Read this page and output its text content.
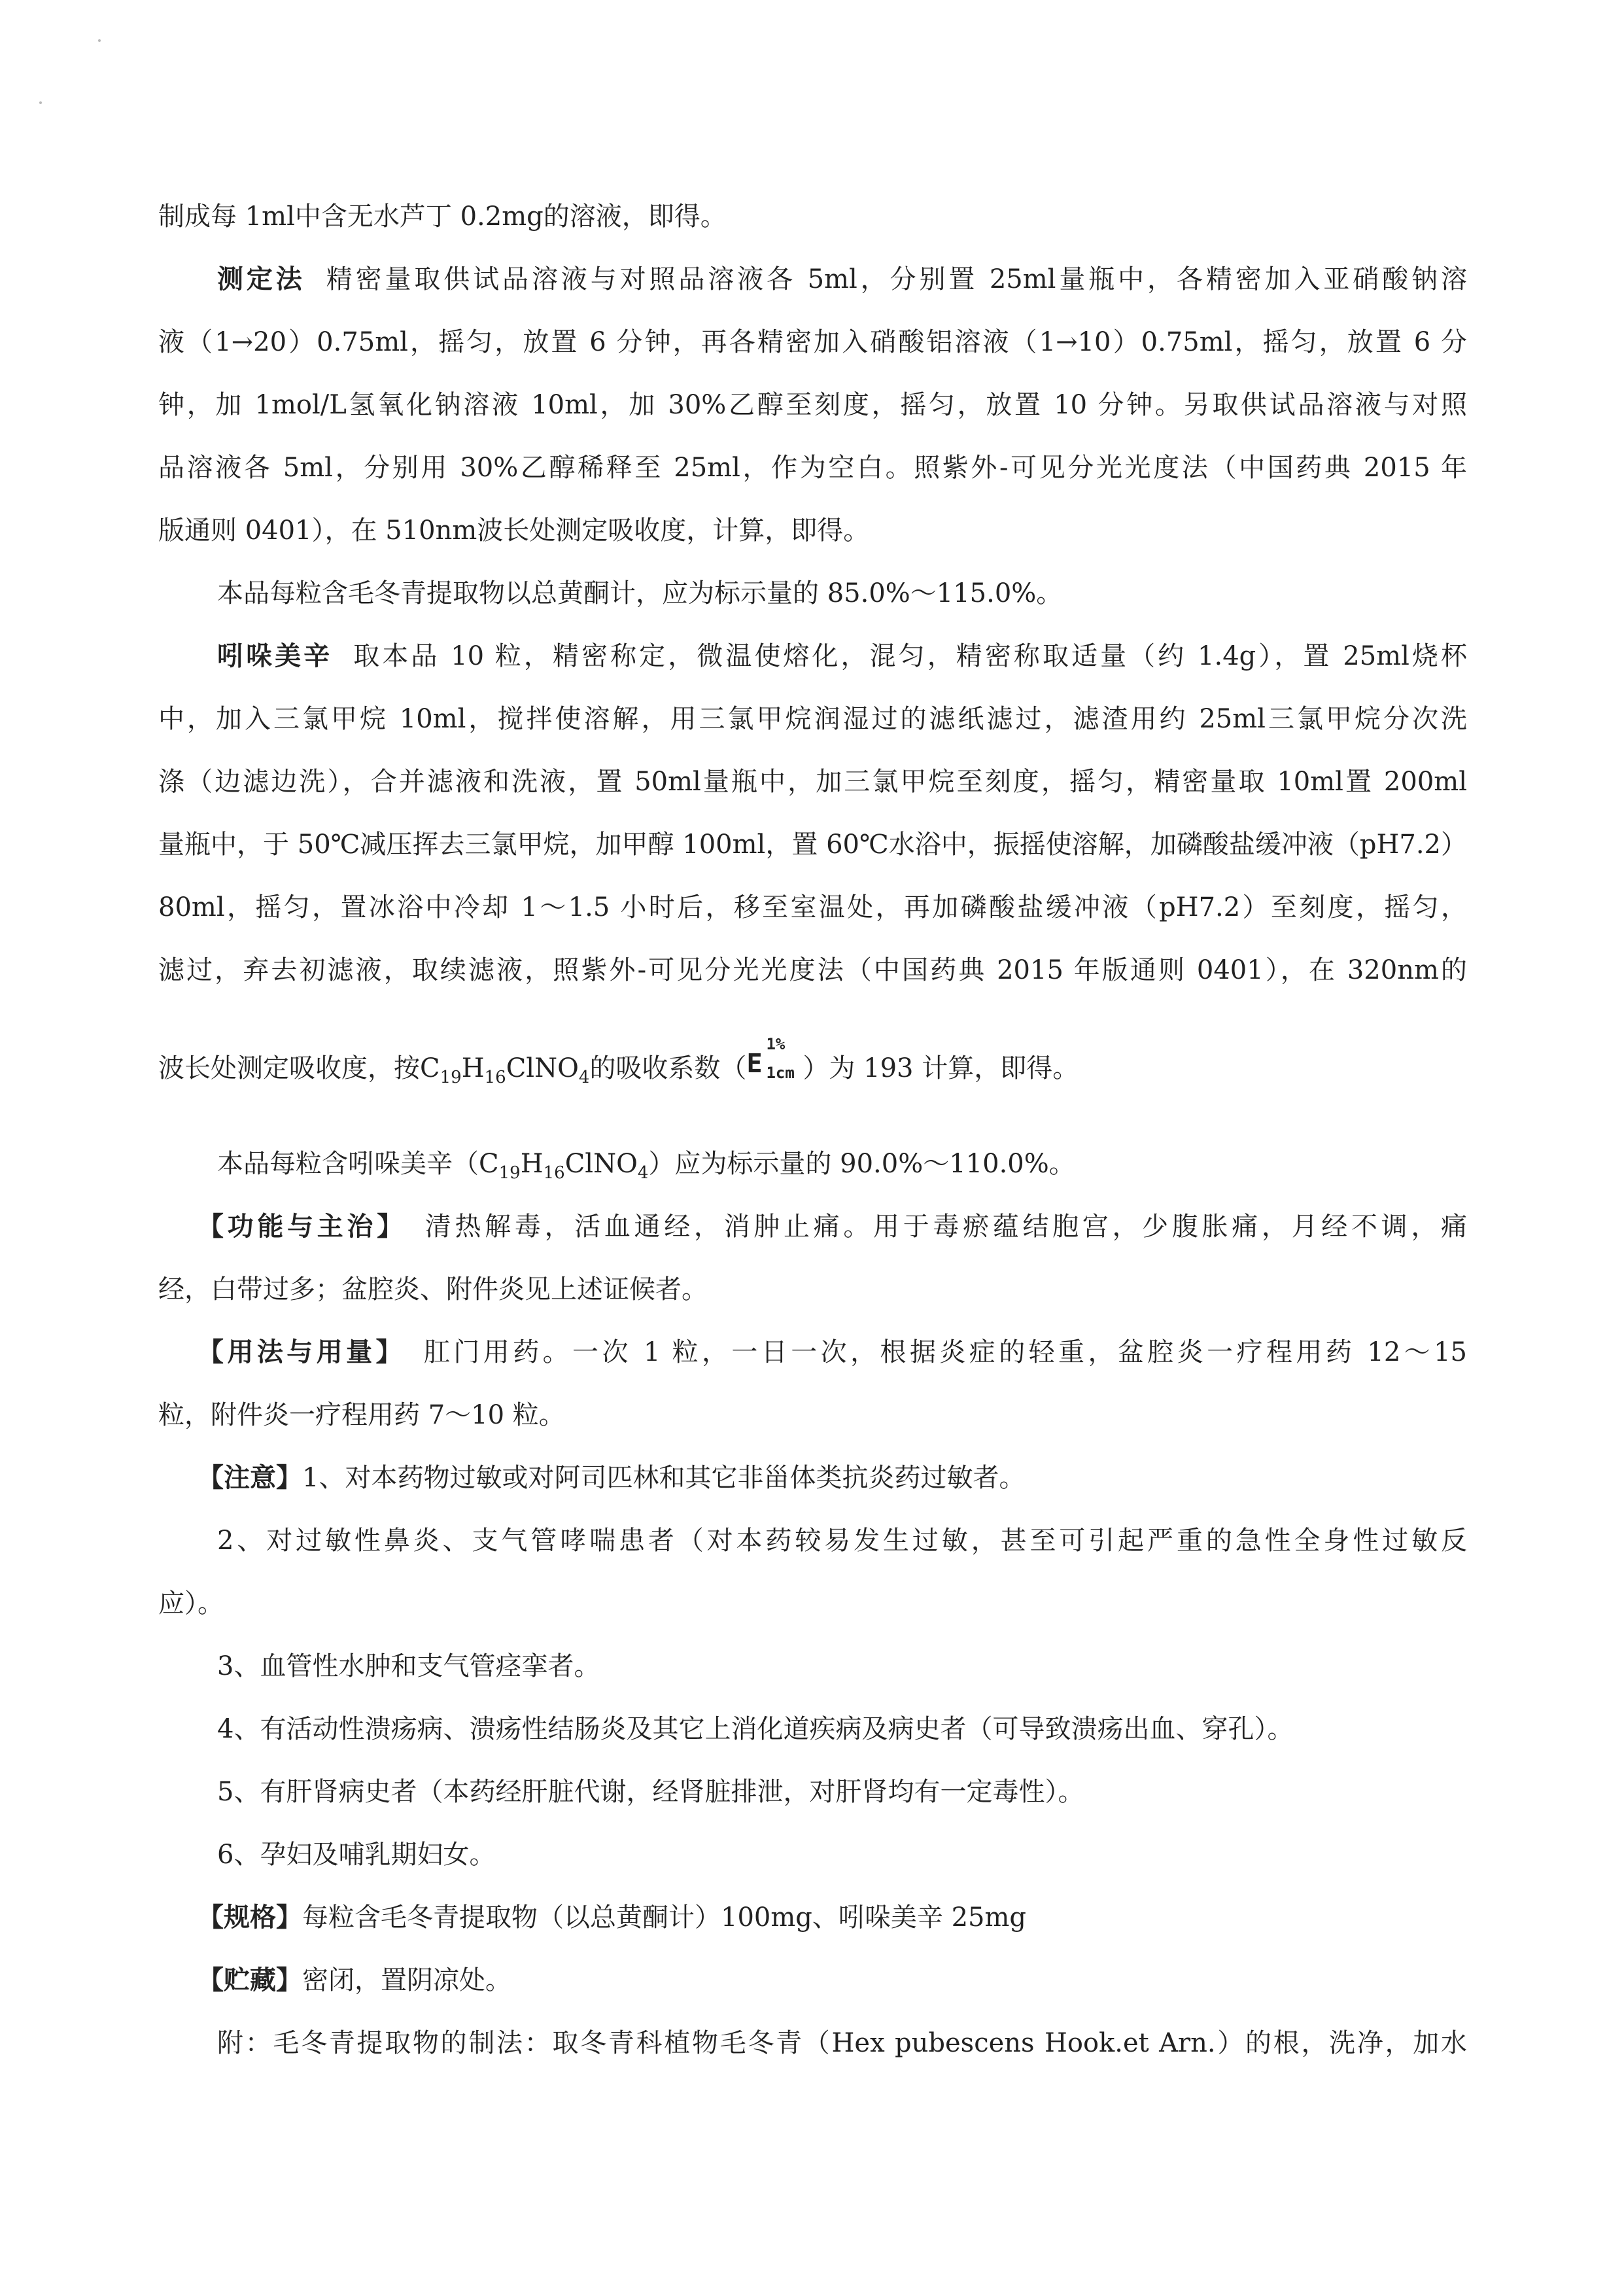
制成每 1ml中含无水芦丁 0.2mg的溶液，即得。
测定法 精密量取供试品溶液与对照品溶液各 5ml，分别置 25ml量瓶中，各精密加入亚硝酸钠溶
液（1→20）0.75ml，摇匀，放置 6 分钟，再各精密加入硝酸铝溶液（1→10）0.75ml，摇匀，放置 6 分
钟，加 1mol/L氢氧化钠溶液 10ml，加 30%乙醇至刻度，摇匀，放置 10 分钟。另取供试品溶液与对照
品溶液各 5ml，分别用 30%乙醇稀释至 25ml，作为空白。照紫外-可见分光光度法（中国药典 2015 年
版通则 0401），在 510nm波长处测定吸收度，计算，即得。
本品每粒含毛冬青提取物以总黄酮计，应为标示量的 85.0%～115.0%。
吲哚美辛 取本品 10 粒，精密称定，微温使熔化，混匀，精密称取适量（约 1.4g），置 25ml烧杯
中，加入三氯甲烷 10ml，搅拌使溶解，用三氯甲烷润湿过的滤纸滤过，滤渣用约 25ml三氯甲烷分次洗
涤（边滤边洗），合并滤液和洗液，置 50ml量瓶中，加三氯甲烷至刻度，摇匀，精密量取 10ml置 200ml
量瓶中，于 50℃减压挥去三氯甲烷，加甲醇 100ml，置 60℃水浴中，振摇使溶解，加磷酸盐缓冲液（pH7.2）
80ml，摇匀，置冰浴中冷却 1～1.5 小时后，移至室温处，再加磷酸盐缓冲液（pH7.2）至刻度，摇匀，
滤过，弃去初滤液，取续滤液，照紫外-可见分光光度法（中国药典 2015 年版通则 0401），在 320nm的
波长处测定吸收度，按$C_{19}H_{16}ClNO_4$的吸收系数（ E
1%
1cm ）为 193 计算，即得。
本品每粒含吲哚美辛$(C_{19}H_{16}ClNO_4)$应为标示量的 90.0%～110.0%。
【功能与主治】 清热解毒，活血通经，消肿止痛。用于毒瘀蕴结胞宫，少腹胀痛，月经不调，痛
经，白带过多；盆腔炎、附件炎见上述证候者。
【用法与用量】 肛门用药。一次 1 粒，一日一次，根据炎症的轻重，盆腔炎一疗程用药 12～15
粒，附件炎一疗程用药 7～10 粒。
【注意】1、对本药物过敏或对阿司匹林和其它非甾体类抗炎药过敏者。
2、对过敏性鼻炎、支气管哮喘患者（对本药较易发生过敏，甚至可引起严重的急性全身性过敏反
应）。
3、血管性水肿和支气管痉挛者。
4、有活动性溃疡病、溃疡性结肠炎及其它上消化道疾病及病史者（可导致溃疡出血、穿孔）。
5、有肝肾病史者（本药经肝脏代谢，经肾脏排泄，对肝肾均有一定毒性）。
6、孕妇及哺乳期妇女。
【规格】每粒含毛冬青提取物（以总黄酮计）100mg、吲哚美辛 25mg
【贮藏】密闭，置阴凉处。
附：毛冬青提取物的制法：取冬青科植物毛冬青（Hex pubescens Hook.et Arn.）的根，洗净，加水
